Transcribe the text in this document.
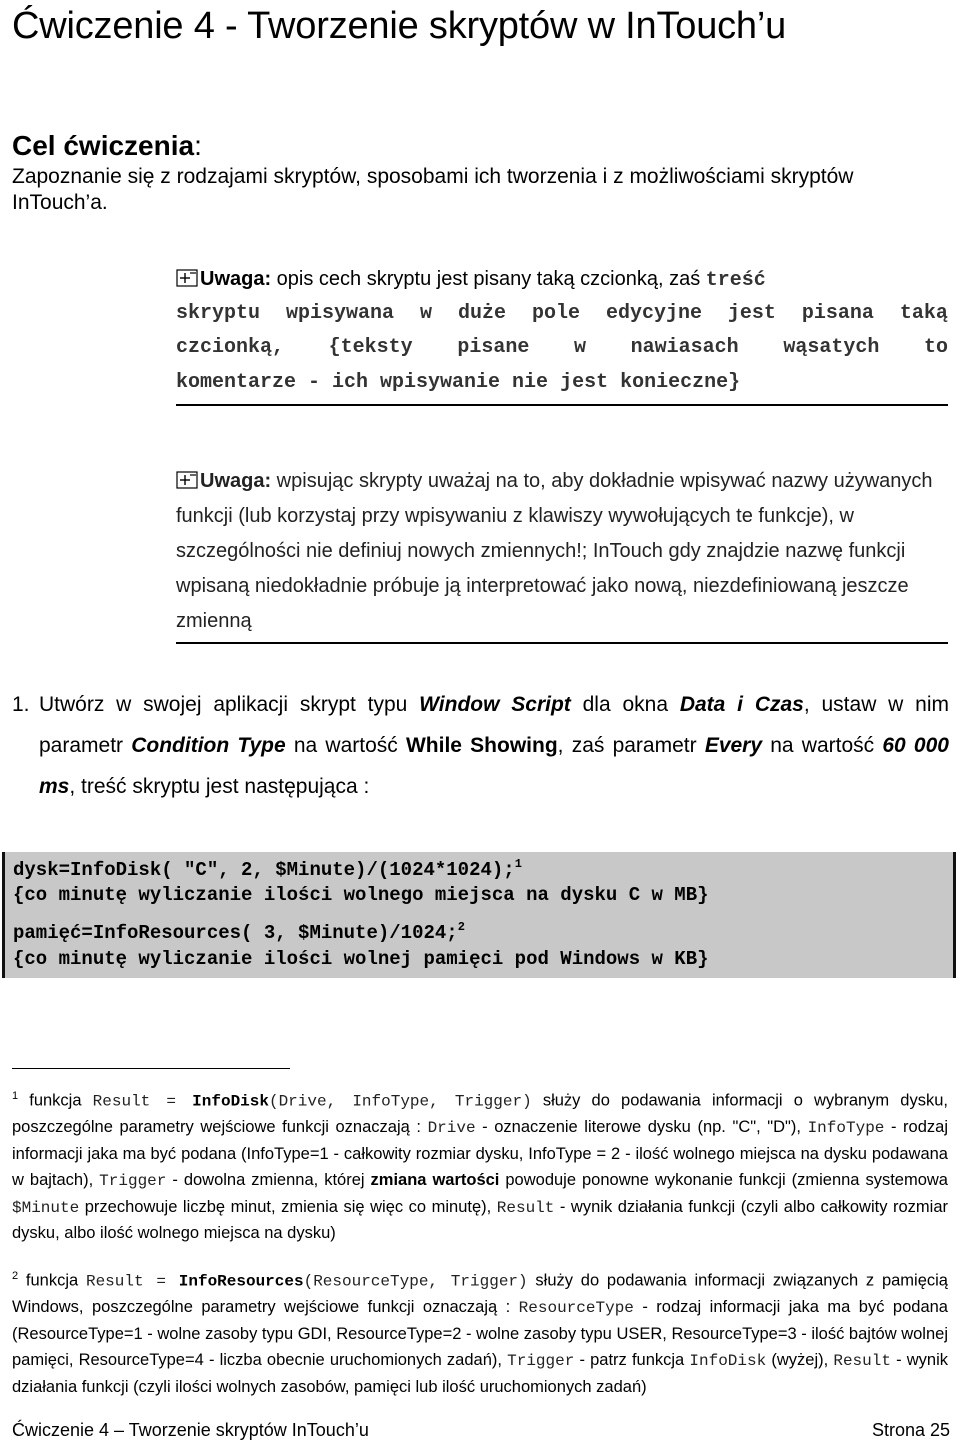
Ćwiczenie 4 - Tworzenie skryptów w InTouch’u
Cel ćwiczenia:
Zapoznanie się z rodzajami skryptów, sposobami ich tworzenia i z możliwościami skryptów InTouch’a.
Uwaga: opis cech skryptu jest pisany taką czcionką, zaś treść
skryptu wpisywana w duże pole edycyjne jest pisana taką
czcionką, {teksty pisane w nawiasach wąsatych to
komentarze - ich wpisywanie nie jest konieczne}
Uwaga: wpisując skrypty uważaj na to, aby dokładnie wpisywać nazwy używanych funkcji (lub korzystaj przy wpisywaniu z klawiszy wywołujących te funkcje), w szczególności nie definiuj nowych zmiennych!; InTouch gdy znajdzie nazwę funkcji wpisaną niedokładnie próbuje ją interpretować jako nową, niezdefiniowaną jeszcze zmienną
1. Utwórz w swojej aplikacji skrypt typu Window Script dla okna Data i Czas, ustaw w nim parametr Condition Type na wartość While Showing, zaś parametr Every na wartość 60 000 ms, treść skryptu jest następująca :
dysk=InfoDisk( "C", 2, $Minute)/(1024*1024);$^1$
{co minutę wyliczanie ilości wolnego miejsca na dysku C w MB}
pamięć=InfoResources( 3, $Minute)/1024;$^2$
{co minutę wyliczanie ilości wolnej pamięci pod Windows w KB}
$^1$ funkcja Result = InfoDisk(Drive, InfoType, Trigger) służy do podawania informacji o wybranym dysku, poszczególne parametry wejściowe funkcji oznaczają : Drive - oznaczenie literowe dysku (np. "C", "D"), InfoType - rodzaj informacji jaka ma być podana (InfoType=1 - całkowity rozmiar dysku, InfoType = 2 - ilość wolnego miejsca na dysku podawana w bajtach), Trigger - dowolna zmienna, której zmiana wartości powoduje ponowne wykonanie funkcji (zmienna systemowa $Minute przechowuje liczbę minut, zmienia się więc co minutę), Result - wynik działania funkcji (czyli albo całkowity rozmiar dysku, albo ilość wolnego miejsca na dysku)
$^2$ funkcja Result = InfoResources(ResourceType, Trigger) służy do podawania informacji związanych z pamięcią Windows, poszczególne parametry wejściowe funkcji oznaczają : ResourceType - rodzaj informacji jaka ma być podana (ResourceType=1 - wolne zasoby typu GDI, ResourceType=2 - wolne zasoby typu USER, ResourceType=3 - ilość bajtów wolnej pamięci, ResourceType=4 - liczba obecnie uruchomionych zadań), Trigger - patrz funkcja InfoDisk (wyżej), Result - wynik działania funkcji (czyli ilości wolnych zasobów, pamięci lub ilość uruchomionych zadań)
Ćwiczenie 4 – Tworzenie skryptów InTouch’u	Strona 25
